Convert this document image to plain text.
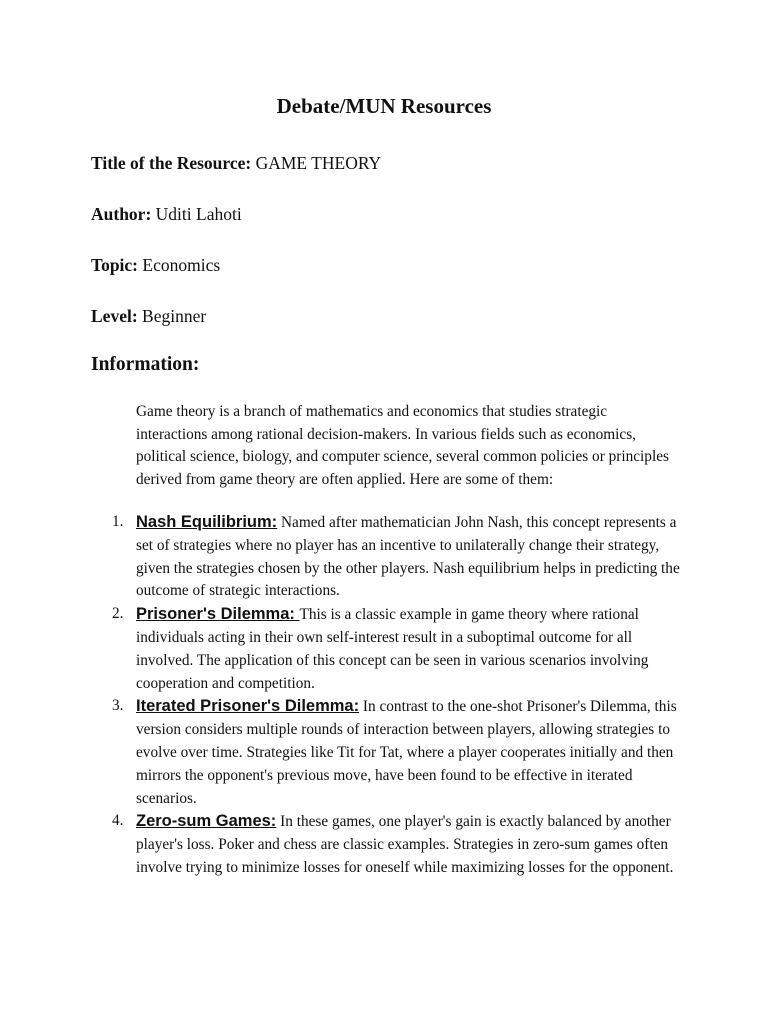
Debate/MUN Resources

Title of the Resource: GAME THEORY

Author: Uditi Lahoti

Topic: Economics

Level: Beginner

Information:

Game theory is a branch of mathematics and economics that studies strategic interactions among rational decision-makers. In various fields such as economics, political science, biology, and computer science, several common policies or principles derived from game theory are often applied. Here are some of them:

1. Nash Equilibrium: Named after mathematician John Nash, this concept represents a set of strategies where no player has an incentive to unilaterally change their strategy, given the strategies chosen by the other players. Nash equilibrium helps in predicting the outcome of strategic interactions.
2. Prisoner's Dilemma: This is a classic example in game theory where rational individuals acting in their own self-interest result in a suboptimal outcome for all involved. The application of this concept can be seen in various scenarios involving cooperation and competition.
3. Iterated Prisoner's Dilemma: In contrast to the one-shot Prisoner's Dilemma, this version considers multiple rounds of interaction between players, allowing strategies to evolve over time. Strategies like Tit for Tat, where a player cooperates initially and then mirrors the opponent's previous move, have been found to be effective in iterated scenarios.
4. Zero-sum Games: In these games, one player's gain is exactly balanced by another player's loss. Poker and chess are classic examples. Strategies in zero-sum games often involve trying to minimize losses for oneself while maximizing losses for the opponent.
